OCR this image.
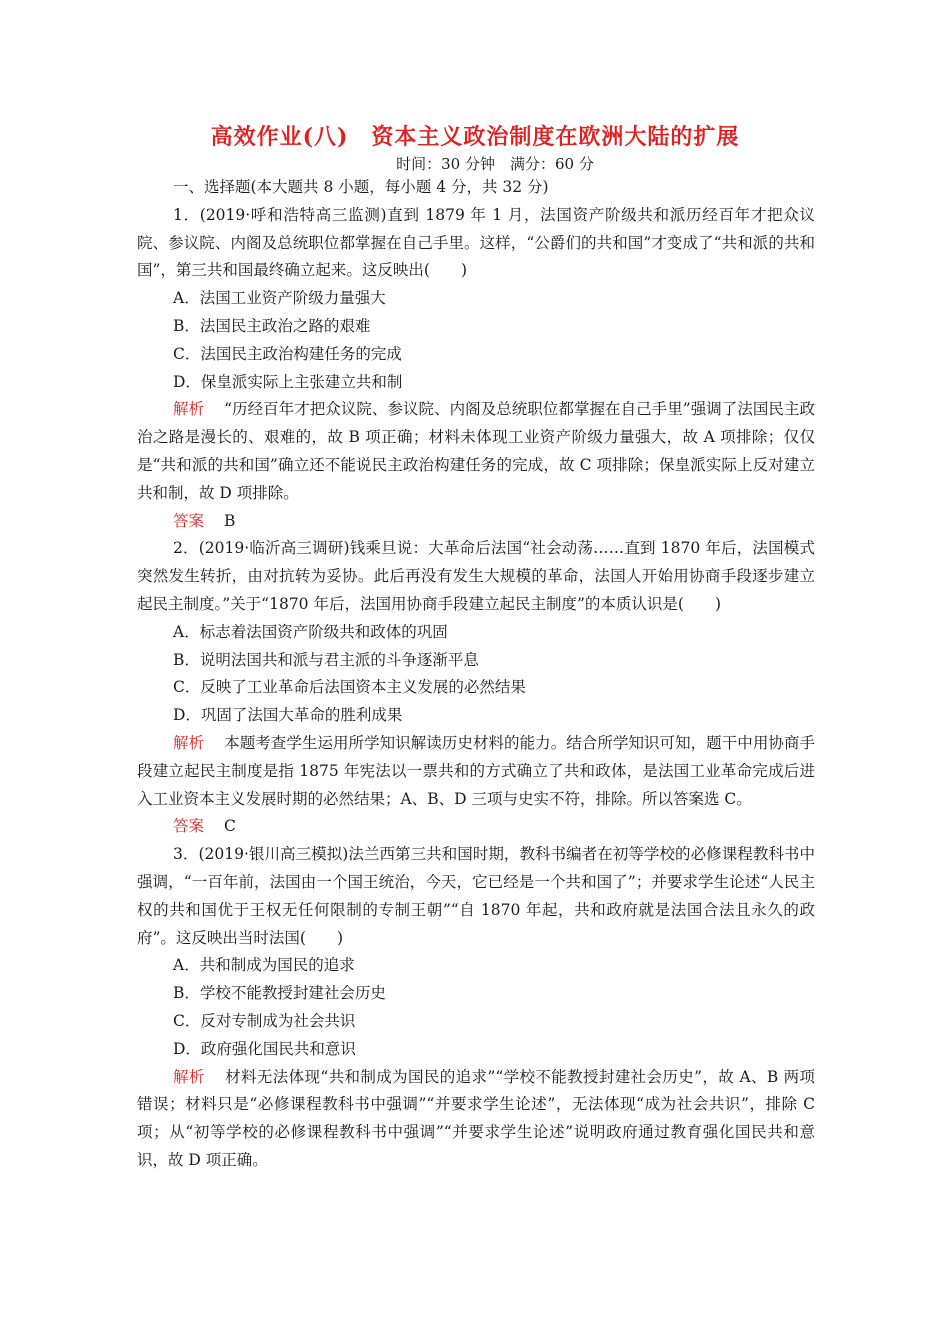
高效作业(八)　资本主义政治制度在欧洲大陆的扩展
时间：30 分钟　满分：60 分

一、选择题(本大题共 8 小题，每小题 4 分，共 32 分)

1．(2019·呼和浩特高三监测)直到 1879 年 1 月，法国资产阶级共和派历经百年才把众议院、参议院、内阁及总统职位都掌握在自己手里。这样，“公爵们的共和国”才变成了“共和派的共和国”，第三共和国最终确立起来。这反映出(　　)

A．法国工业资产阶级力量强大

B．法国民主政治之路的艰难

C．法国民主政治构建任务的完成

D．保皇派实际上主张建立共和制

解析 “历经百年才把众议院、参议院、内阁及总统职位都掌握在自己手里”强调了法国民主政治之路是漫长的、艰难的，故 B 项正确；材料未体现工业资产阶级力量强大，故 A 项排除；仅仅是“共和派的共和国”确立还不能说民主政治构建任务的完成，故 C 项排除；保皇派实际上反对建立共和制，故 D 项排除。

答案 B

2．(2019·临沂高三调研)钱乘旦说：大革命后法国“社会动荡……直到 1870 年后，法国模式突然发生转折，由对抗转为妥协。此后再没有发生大规模的革命，法国人开始用协商手段逐步建立起民主制度。”关于“1870 年后，法国用协商手段建立起民主制度”的本质认识是(　　)

A．标志着法国资产阶级共和政体的巩固

B．说明法国共和派与君主派的斗争逐渐平息

C．反映了工业革命后法国资本主义发展的必然结果

D．巩固了法国大革命的胜利成果

解析 本题考查学生运用所学知识解读历史材料的能力。结合所学知识可知，题干中用协商手段建立起民主制度是指 1875 年宪法以一票共和的方式确立了共和政体，是法国工业革命完成后进入工业资本主义发展时期的必然结果；A、B、D 三项与史实不符，排除。所以答案选 C。

答案 C

3．(2019·银川高三模拟)法兰西第三共和国时期，教科书编者在初等学校的必修课程教科书中强调，“一百年前，法国由一个国王统治，今天，它已经是一个共和国了”；并要求学生论述“人民主权的共和国优于王权无任何限制的专制王朝”“自 1870 年起，共和政府就是法国合法且永久的政府”。这反映出当时法国(　　)

A．共和制成为国民的追求

B．学校不能教授封建社会历史

C．反对专制成为社会共识

D．政府强化国民共和意识

解析 材料无法体现“共和制成为国民的追求”“学校不能教授封建社会历史”，故 A、B 两项错误；材料只是“必修课程教科书中强调”“并要求学生论述”，无法体现“成为社会共识”，排除 C 项；从“初等学校的必修课程教科书中强调”“并要求学生论述”说明政府通过教育强化国民共和意识，故 D 项正确。
